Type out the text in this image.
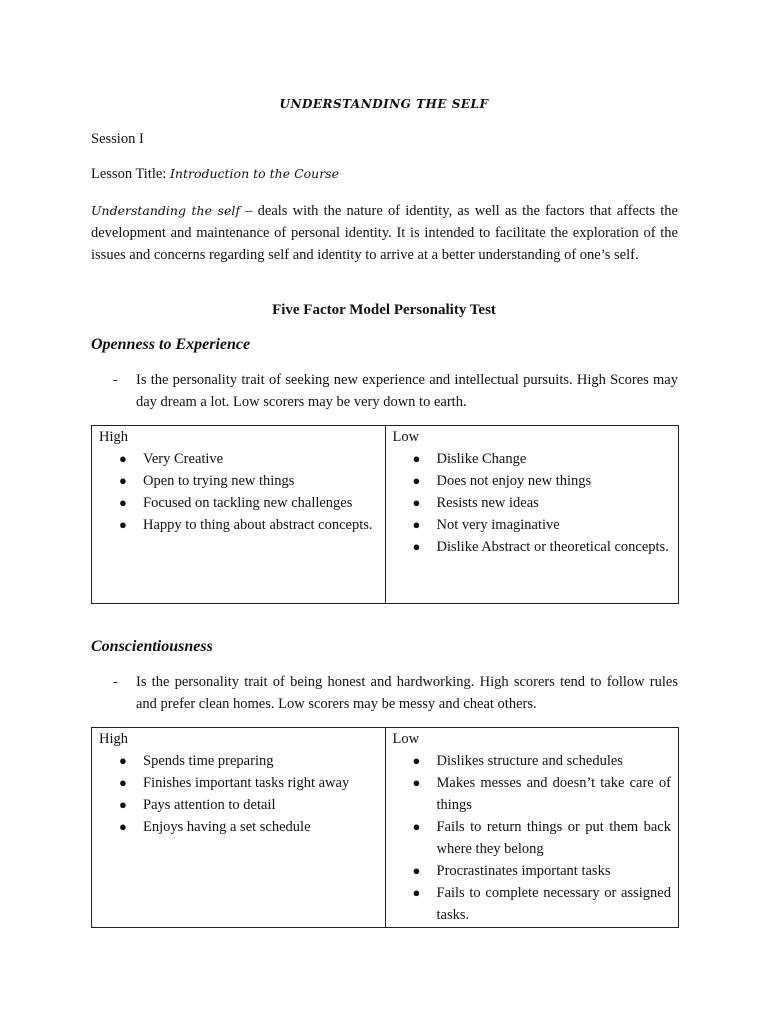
UNDERSTANDING THE SELF
Session I
Lesson Title: Introduction to the Course
Understanding the self – deals with the nature of identity, as well as the factors that affects the development and maintenance of personal identity. It is intended to facilitate the exploration of the issues and concerns regarding self and identity to arrive at a better understanding of one’s self.
Five Factor Model Personality Test
Openness to Experience
- Is the personality trait of seeking new experience and intellectual pursuits. High Scores may day dream a lot. Low scorers may be very down to earth.
High
● Very Creative
● Open to trying new things
● Focused on tackling new challenges
● Happy to thing about abstract concepts.

Low
● Dislike Change
● Does not enjoy new things
● Resists new ideas
● Not very imaginative
● Dislike Abstract or theoretical concepts.
Conscientiousness
- Is the personality trait of being honest and hardworking. High scorers tend to follow rules and prefer clean homes. Low scorers may be messy and cheat others.
High
● Spends time preparing
● Finishes important tasks right away
● Pays attention to detail
● Enjoys having a set schedule

Low
● Dislikes structure and schedules
● Makes messes and doesn’t take care of things
● Fails to return things or put them back where they belong
● Procrastinates important tasks
● Fails to complete necessary or assigned tasks.
